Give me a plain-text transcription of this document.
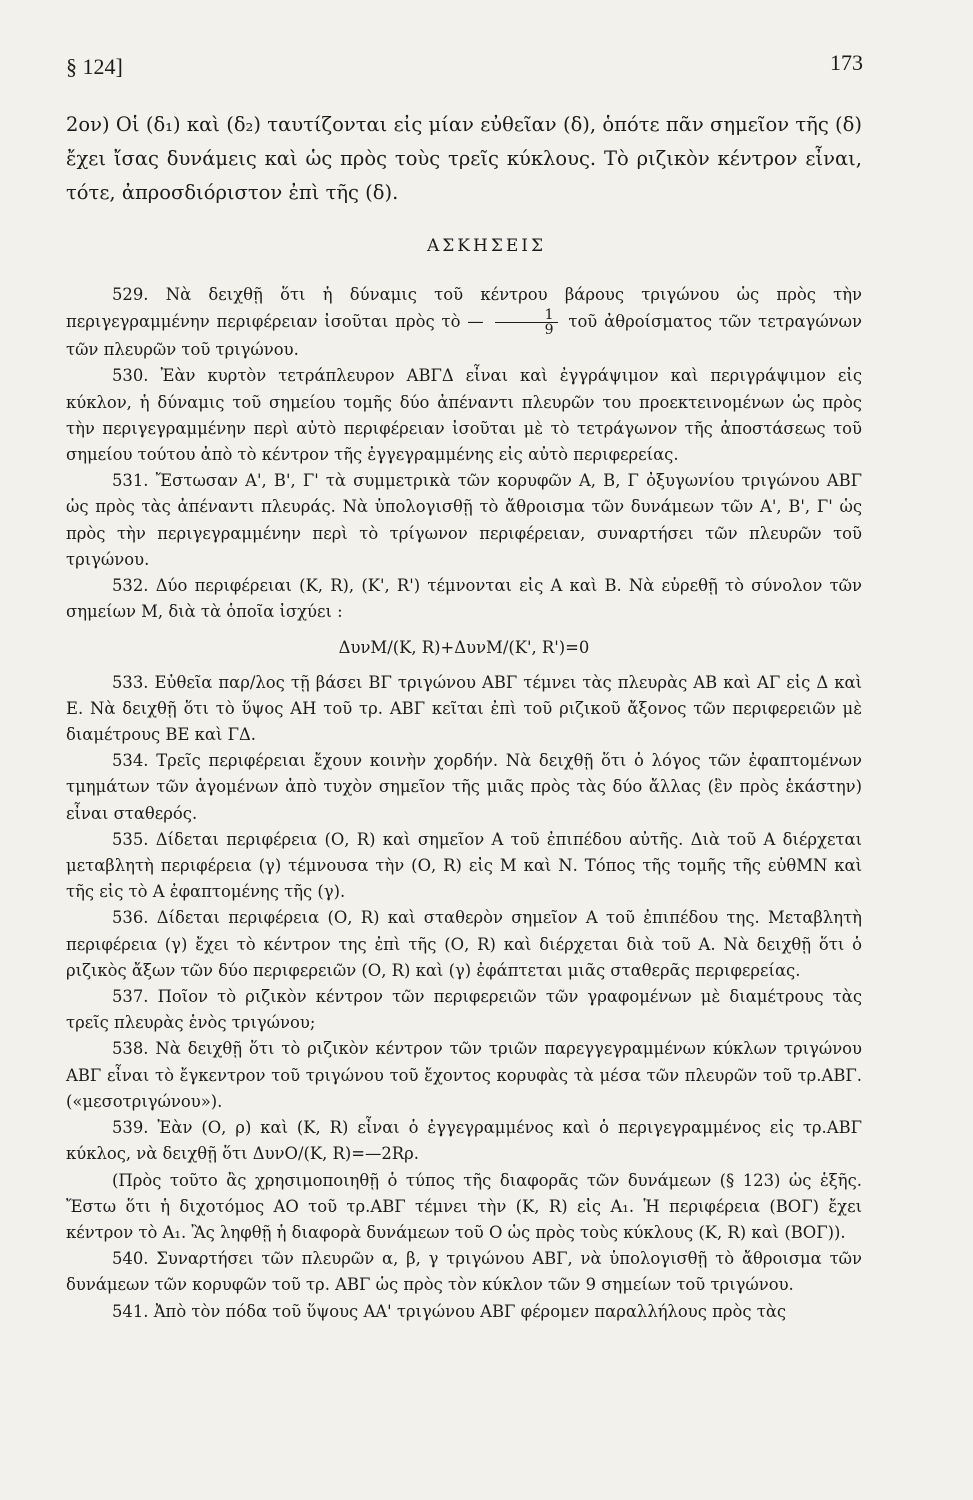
§ 124]	173
2ον) Οἱ (δ₁) καὶ (δ₂) ταυτίζονται εἰς μίαν εὐθεῖαν (δ), ὁπότε πᾶν σημεῖον τῆς (δ) ἔχει ἴσας δυνάμεις καὶ ὡς πρὸς τοὺς τρεῖς κύκλους. Τὸ ριζικὸν κέντρον εἶναι, τότε, ἀπροσδιόριστον ἐπὶ τῆς (δ).
ΑΣΚΗΣΕΙΣ

529. Νὰ δειχθῇ ὅτι ἡ δύναμις τοῦ κέντρου βάρους τριγώνου ὡς πρὸς τὴν περιγεγραμμένην περιφέρειαν ἰσοῦται πρὸς τὸ — $\frac{1}{9}$ τοῦ ἀθροίσματος τῶν τετραγώνων τῶν πλευρῶν τοῦ τριγώνου.

530. Ἐὰν κυρτὸν τετράπλευρον ΑΒΓΔ εἶναι καὶ ἐγγράψιμον καὶ περιγράψιμον εἰς κύκλον, ἡ δύναμις τοῦ σημείου τομῆς δύο ἀπέναντι πλευρῶν του προεκτεινομένων ὡς πρὸς τὴν περιγεγραμμένην περὶ αὐτὸ περιφέρειαν ἰσοῦται μὲ τὸ τετράγωνον τῆς ἀποστάσεως τοῦ σημείου τούτου ἀπὸ τὸ κέντρον τῆς ἐγγεγραμμένης εἰς αὐτὸ περιφερείας.

531. Ἔστωσαν Α', Β', Γ' τὰ συμμετρικὰ τῶν κορυφῶν Α, Β, Γ ὀξυγωνίου τριγώνου ΑΒΓ ὡς πρὸς τὰς ἀπέναντι πλευράς. Νὰ ὑπολογισθῇ τὸ ἄθροισμα τῶν δυνάμεων τῶν Α', Β', Γ' ὡς πρὸς τὴν περιγεγραμμένην περὶ τὸ τρίγωνον περιφέρειαν, συναρτήσει τῶν πλευρῶν τοῦ τριγώνου.

532. Δύο περιφέρειαι (Κ, R), (Κ', R') τέμνονται εἰς Α καὶ Β. Νὰ εὑρεθῇ τὸ σύνολον τῶν σημείων Μ, διὰ τὰ ὁποῖα ἰσχύει :
ΔυνΜ/(Κ, R)+ΔυνΜ/(Κ', R')=0

533. Εὐθεῖα παρ/λος τῇ βάσει ΒΓ τριγώνου ΑΒΓ τέμνει τὰς πλευρὰς ΑΒ καὶ ΑΓ εἰς Δ καὶ Ε. Νὰ δειχθῇ ὅτι τὸ ὕψος ΑΗ τοῦ τρ. ΑΒΓ κεῖται ἐπὶ τοῦ ριζικοῦ ἄξονος τῶν περιφερειῶν μὲ διαμέτρους ΒΕ καὶ ΓΔ.

534. Τρεῖς περιφέρειαι ἔχουν κοινὴν χορδήν. Νὰ δειχθῇ ὅτι ὁ λόγος τῶν ἐφαπτομένων τμημάτων τῶν ἀγομένων ἀπὸ τυχὸν σημεῖον τῆς μιᾶς πρὸς τὰς δύο ἄλλας (ἓν πρὸς ἑκάστην) εἶναι σταθερός.

535. Δίδεται περιφέρεια (Ο, R) καὶ σημεῖον Α τοῦ ἐπιπέδου αὐτῆς. Διὰ τοῦ Α διέρχεται μεταβλητὴ περιφέρεια (γ) τέμνουσα τὴν (Ο, R) εἰς Μ καὶ Ν. Τόπος τῆς τομῆς τῆς εὐθΜΝ καὶ τῆς εἰς τὸ Α ἐφαπτομένης τῆς (γ).

536. Δίδεται περιφέρεια (Ο, R) καὶ σταθερὸν σημεῖον Α τοῦ ἐπιπέδου της. Μεταβλητὴ περιφέρεια (γ) ἔχει τὸ κέντρον της ἐπὶ τῆς (Ο, R) καὶ διέρχεται διὰ τοῦ Α. Νὰ δειχθῇ ὅτι ὁ ριζικὸς ἄξων τῶν δύο περιφερειῶν (Ο, R) καὶ (γ) ἐφάπτεται μιᾶς σταθερᾶς περιφερείας.

537. Ποῖον τὸ ριζικὸν κέντρον τῶν περιφερειῶν τῶν γραφομένων μὲ διαμέτρους τὰς τρεῖς πλευρὰς ἑνὸς τριγώνου;

538. Νὰ δειχθῇ ὅτι τὸ ριζικὸν κέντρον τῶν τριῶν παρεγγεγραμμένων κύκλων τριγώνου ΑΒΓ εἶναι τὸ ἔγκεντρον τοῦ τριγώνου τοῦ ἔχοντος κορυφὰς τὰ μέσα τῶν πλευρῶν τοῦ τρ.ΑΒΓ. («μεσοτριγώνου»).

539. Ἐὰν (Ο, ρ) καὶ (Κ, R) εἶναι ὁ ἐγγεγραμμένος καὶ ὁ περιγεγραμμένος εἰς τρ.ΑΒΓ κύκλος, νὰ δειχθῇ ὅτι ΔυνΟ/(Κ, R)=—2Rρ.

(Πρὸς τοῦτο ἂς χρησιμοποιηθῇ ὁ τύπος τῆς διαφορᾶς τῶν δυνάμεων (§ 123) ὡς ἑξῆς. Ἔστω ὅτι ἡ διχοτόμος ΑΟ τοῦ τρ.ΑΒΓ τέμνει τὴν (Κ, R) εἰς Α₁. Ἡ περιφέρεια (ΒΟΓ) ἔχει κέντρον τὸ Α₁. Ἂς ληφθῇ ἡ διαφορὰ δυνάμεων τοῦ Ο ὡς πρὸς τοὺς κύκλους (Κ, R) καὶ (ΒΟΓ)).

540. Συναρτήσει τῶν πλευρῶν α, β, γ τριγώνου ΑΒΓ, νὰ ὑπολογισθῇ τὸ ἄθροισμα τῶν δυνάμεων τῶν κορυφῶν τοῦ τρ. ΑΒΓ ὡς πρὸς τὸν κύκλον τῶν 9 σημείων τοῦ τριγώνου.

541. Ἀπὸ τὸν πόδα τοῦ ὕψους ΑΑ' τριγώνου ΑΒΓ φέρομεν παραλλήλους πρὸς τὰς
